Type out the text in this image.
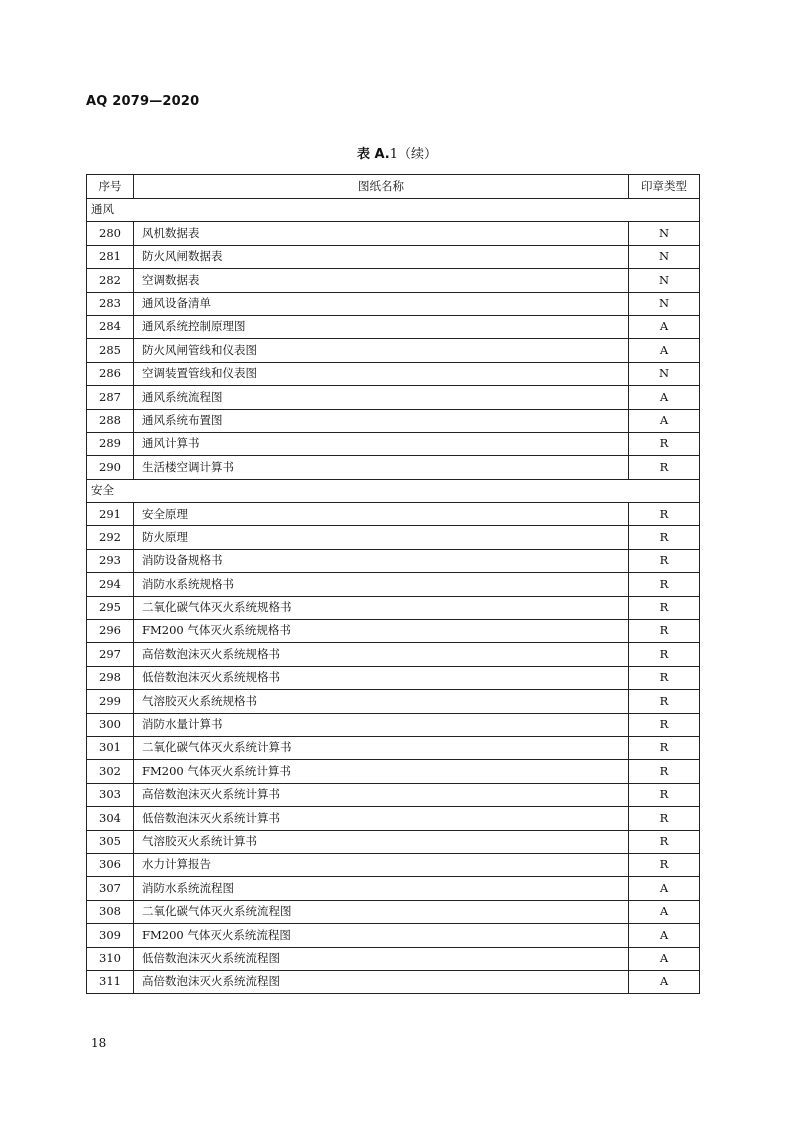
AQ 2079—2020
表 A.1（续）
序号	图纸名称	印章类型
通风		
280	风机数据表	N
281	防火风闸数据表	N
282	空调数据表	N
283	通风设备清单	N
284	通风系统控制原理图	A
285	防火风闸管线和仪表图	A
286	空调装置管线和仪表图	N
287	通风系统流程图	A
288	通风系统布置图	A
289	通风计算书	R
290	生活楼空调计算书	R
安全		
291	安全原理	R
292	防火原理	R
293	消防设备规格书	R
294	消防水系统规格书	R
295	二氧化碳气体灭火系统规格书	R
296	FM200 气体灭火系统规格书	R
297	高倍数泡沫灭火系统规格书	R
298	低倍数泡沫灭火系统规格书	R
299	气溶胶灭火系统规格书	R
300	消防水量计算书	R
301	二氧化碳气体灭火系统计算书	R
302	FM200 气体灭火系统计算书	R
303	高倍数泡沫灭火系统计算书	R
304	低倍数泡沫灭火系统计算书	R
305	气溶胶灭火系统计算书	R
306	水力计算报告	R
307	消防水系统流程图	A
308	二氧化碳气体灭火系统流程图	A
309	FM200 气体灭火系统流程图	A
310	低倍数泡沫灭火系统流程图	A
311	高倍数泡沫灭火系统流程图	A
18
